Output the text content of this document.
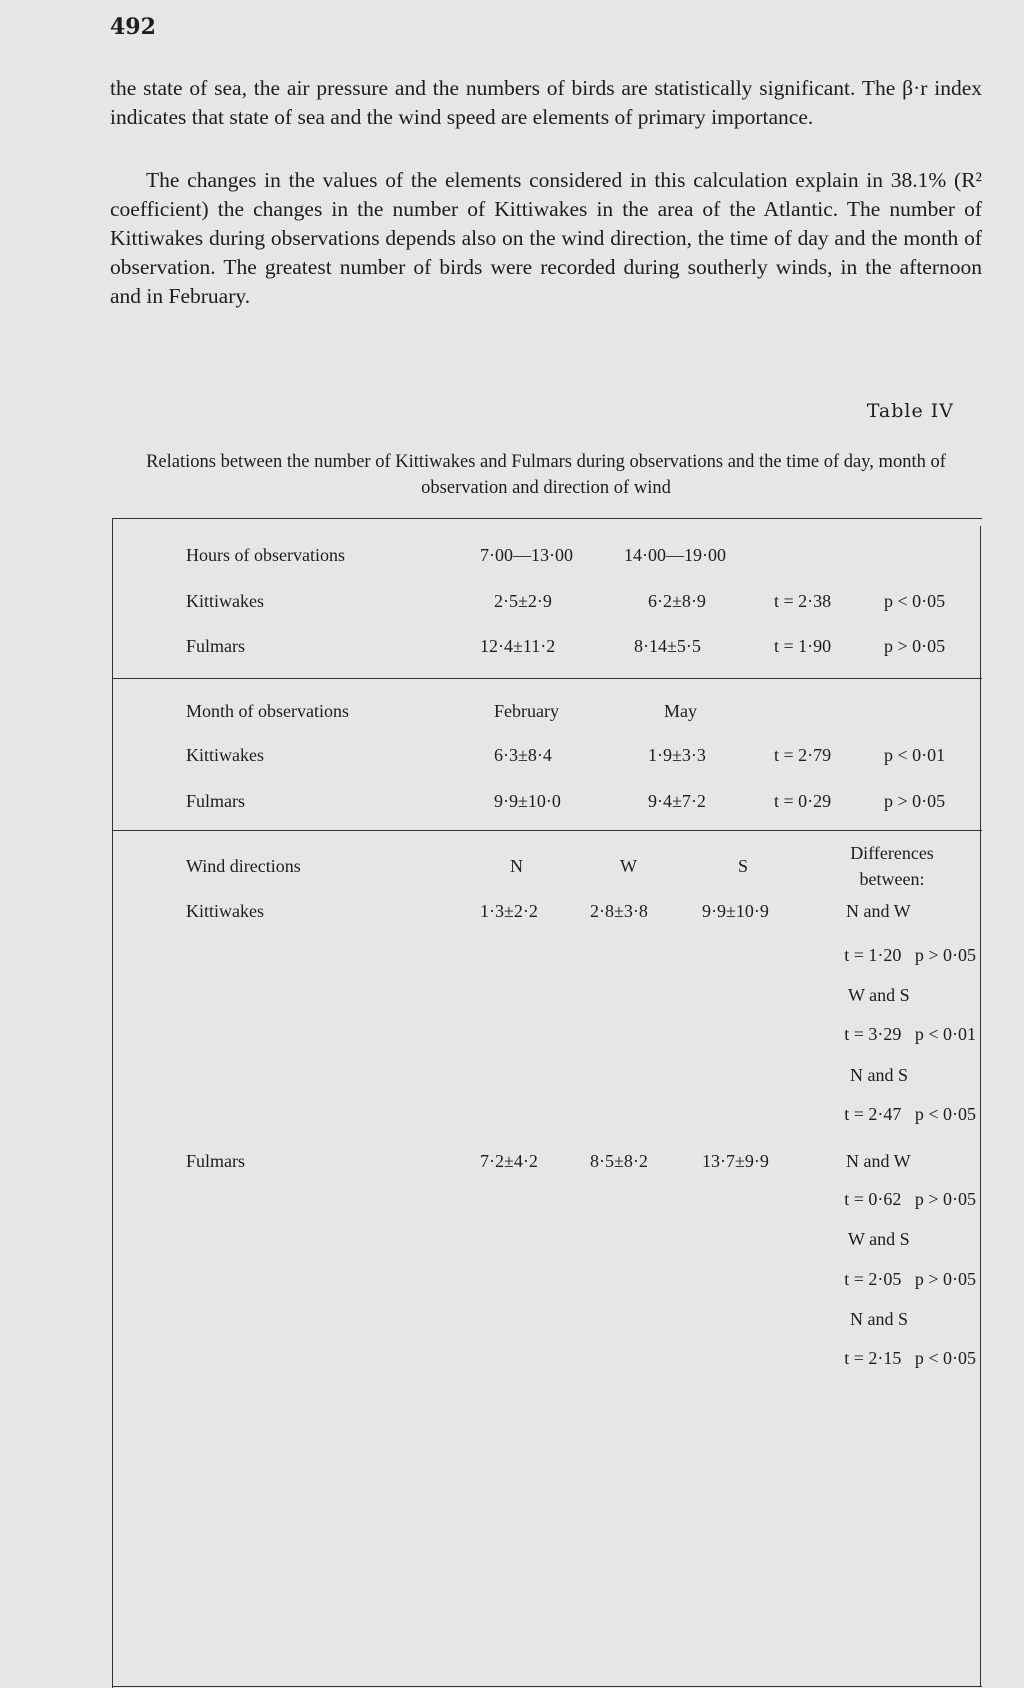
492

the state of sea, the air pressure and the numbers of birds are statistically significant. The β·r index indicates that state of sea and the wind speed are elements of primary importance.

The changes in the values of the elements considered in this calculation explain in 38.1% (R² coefficient) the changes in the number of Kittiwakes in the area of the Atlantic. The number of Kittiwakes during observations depends also on the wind direction, the time of day and the month of observation. The greatest number of birds were recorded during southerly winds, in the afternoon and in February.

Table IV
Relations between the number of Kittiwakes and Fulmars during observations and the time of day, month of observation and direction of wind
Hours of observations	7·00—13·00	14·00—19·00
Kittiwakes	2·5±2·9	6·2±8·9	t = 2·38	p < 0·05
Fulmars	12·4±11·2	8·14±5·5	t = 1·90	p > 0·05
Month of observations	February	May
Kittiwakes	6·3±8·4	1·9±3·3	t = 2·79	p < 0·01
Fulmars	9·9±10·0	9·4±7·2	t = 0·29	p > 0·05
Wind directions	N	W	S
Differences between:
Kittiwakes	1·3±2·2	2·8±3·8	9·9±10·9	N and W
t = 1·20   p > 0·05
W and S
t = 3·29   p < 0·01
N and S
t = 2·47   p < 0·05
Fulmars	7·2±4·2	8·5±8·2	13·7±9·9	N and W
t = 0·62   p > 0·05
W and S
t = 2·05   p > 0·05
N and S
t = 2·15   p < 0·05
